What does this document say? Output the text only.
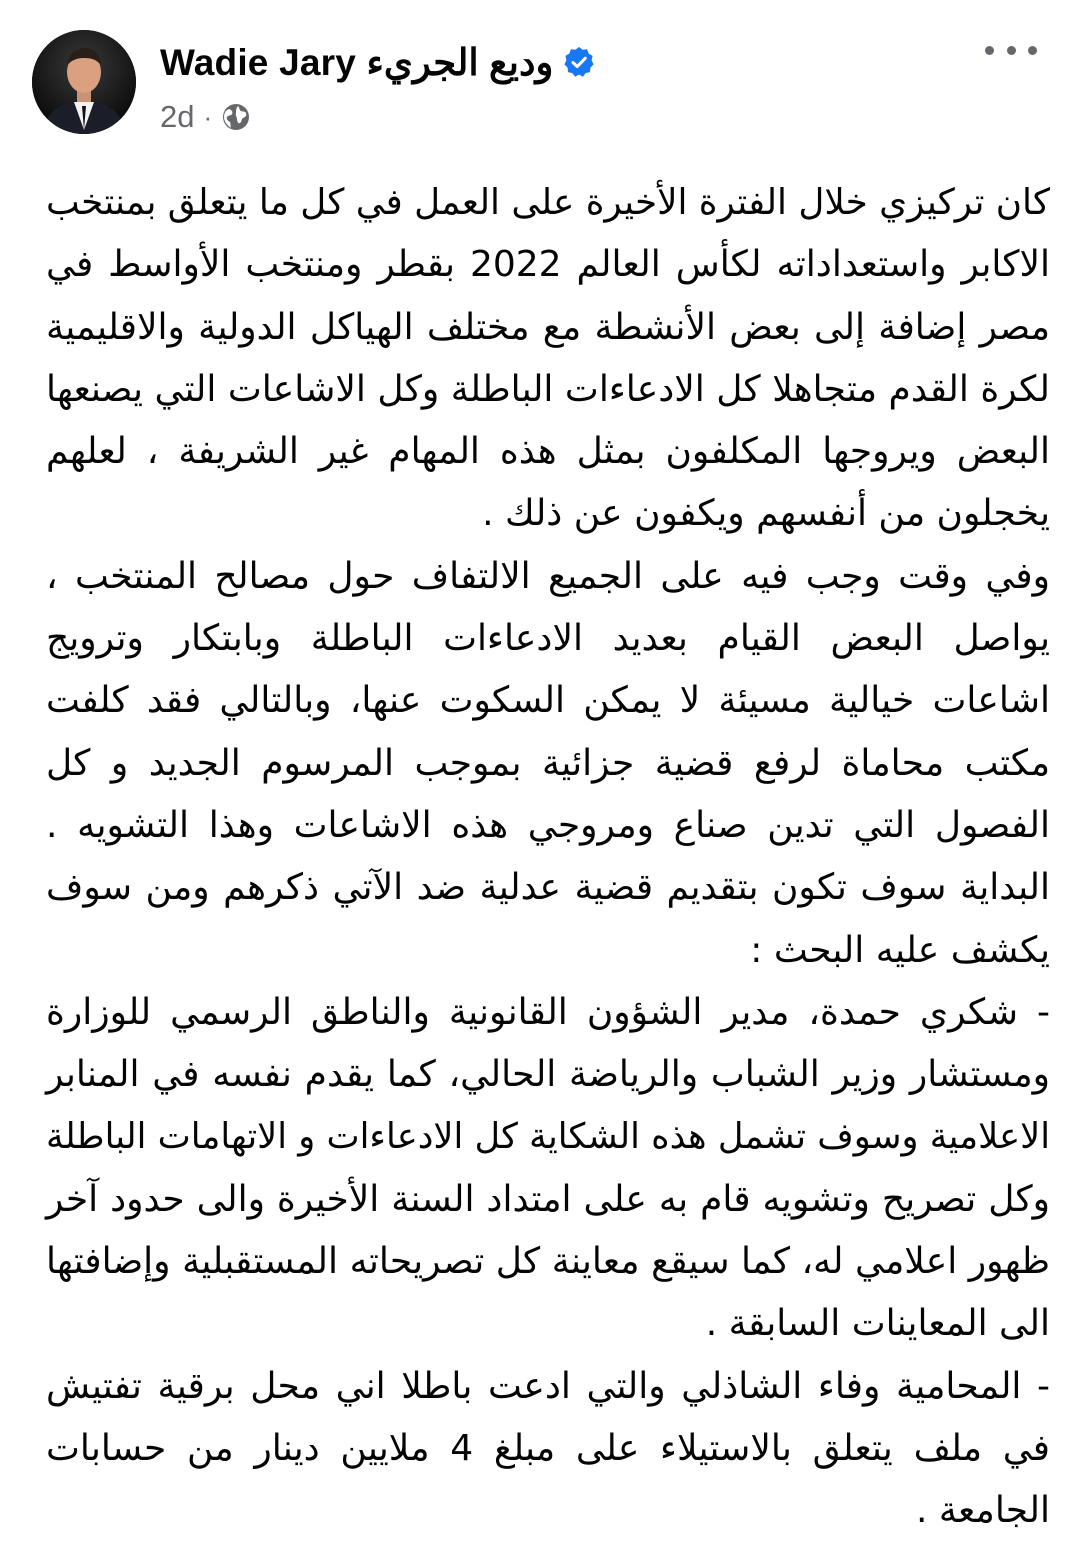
Wadie Jary وديع الجريء
2d ·
كان تركيزي خلال الفترة الأخيرة على العمل في كل ما يتعلق بمنتخب
الاكابر واستعداداته لكأس العالم 2022 بقطر ومنتخب الأواسط في
مصر إضافة إلى بعض الأنشطة مع مختلف الهياكل الدولية والاقليمية
لكرة القدم متجاهلا كل الادعاءات الباطلة وكل الاشاعات التي يصنعها
البعض ويروجها المكلفون بمثل هذه المهام غير الشريفة ، لعلهم
يخجلون من أنفسهم ويكفون عن ذلك .
وفي وقت وجب فيه على الجميع الالتفاف حول مصالح المنتخب ،
يواصل البعض القيام بعديد الادعاءات الباطلة وبابتكار وترويج
اشاعات خيالية مسيئة لا يمكن السكوت عنها، وبالتالي فقد كلفت
مكتب محاماة لرفع قضية جزائية بموجب المرسوم الجديد و كل
الفصول التي تدين صناع ومروجي هذه الاشاعات وهذا التشويه .
البداية سوف تكون بتقديم قضية عدلية ضد الآتي ذكرهم ومن سوف
يكشف عليه البحث :
- شكري حمدة، مدير الشؤون القانونية والناطق الرسمي للوزارة
ومستشار وزير الشباب والرياضة الحالي، كما يقدم نفسه في المنابر
الاعلامية وسوف تشمل هذه الشكاية كل الادعاءات و الاتهامات الباطلة
وكل تصريح وتشويه قام به على امتداد السنة الأخيرة والى حدود آخر
ظهور اعلامي له، كما سيقع معاينة كل تصريحاته المستقبلية وإضافتها
الى المعاينات السابقة .
- المحامية وفاء الشاذلي والتي ادعت باطلا اني محل برقية تفتيش
في ملف يتعلق بالاستيلاء على مبلغ 4 ملايين دينار من حسابات
الجامعة .
